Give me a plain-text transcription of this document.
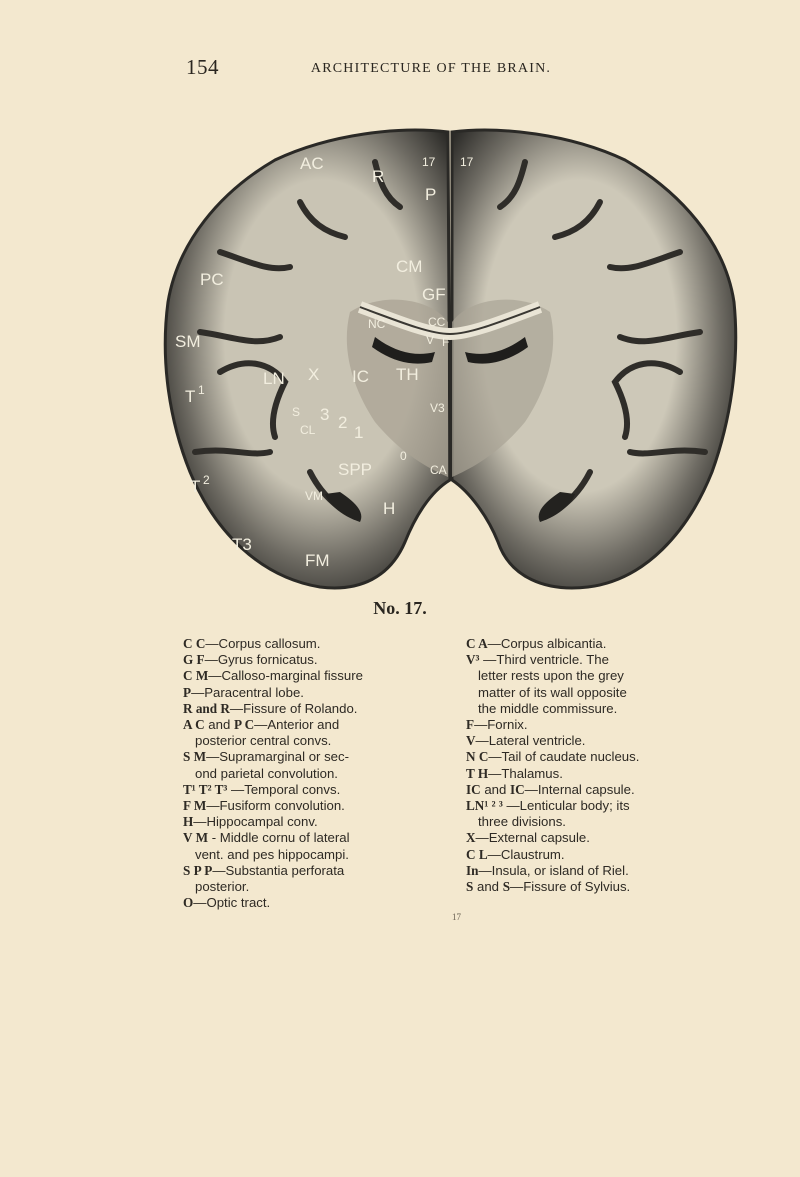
154	ARCHITECTURE OF THE BRAIN.
AC
R
17
P
PC
CM
GF
CC
NC
SM
T 1
LN X IC TH
V3
CL
3 2
1
SPP
0
CA
T 2
VM
H
T3
FM
17
F
V
S
No. 17.

C C—Corpus callosum.

G F—Gyrus fornicatus.

C M—Calloso-marginal fissure

P—Paracentral lobe.

R and R—Fissure of Rolando.

A C and P C—Anterior and

posterior central convs.

S M—Supramarginal or sec-

ond parietal convolution.

T¹ T² T³ —Temporal convs.

F M—Fusiform convolution.

H—Hippocampal conv.

V M - Middle cornu of lateral

vent. and pes hippocampi.

S P P—Substantia perforata

posterior.

O—Optic tract.

C A—Corpus albicantia.

V³ —Third ventricle. The

letter rests upon the grey

matter of its wall opposite

the middle commissure.

F—Fornix.

V—Lateral ventricle.

N C—Tail of caudate nucleus.

T H—Thalamus.

IC and IC—Internal capsule.

LN¹ ² ³ —Lenticular body; its

three divisions.

X—External capsule.

C L—Claustrum.

In—Insula, or island of Riel.

S and S—Fissure of Sylvius.

17
